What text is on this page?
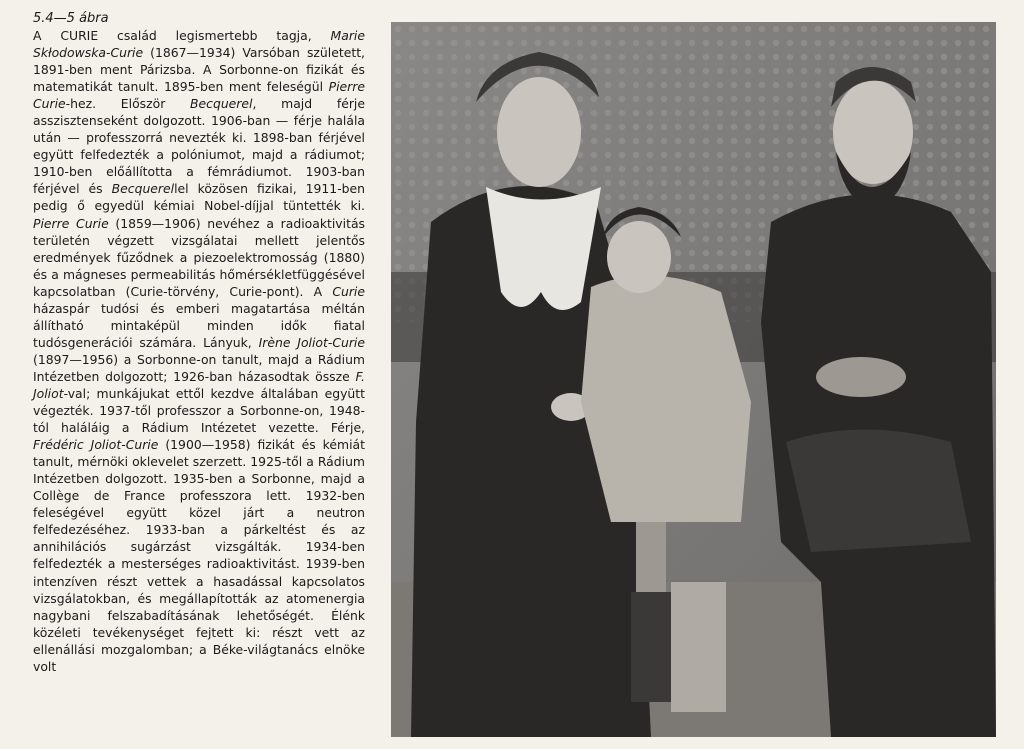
5.4—5 ábra

A CURIE család legismertebb tagja, Marie Skłodowska-Curie (1867—1934) Varsóban született, 1891-ben ment Párizsba. A Sorbonne-on fizikát és matematikát tanult. 1895-ben ment feleségül Pierre Curie-hez. Először Becquerel, majd férje asszisztenseként dolgozott. 1906-ban — férje halála után — professzorrá nevezték ki. 1898-ban férjével együtt felfedezték a polóniumot, majd a rádiumot; 1910-ben előállította a fémrádiumot. 1903-ban férjével és Becquerellel közösen fizikai, 1911-ben pedig ő egyedül kémiai Nobel-díjjal tüntették ki. Pierre Curie (1859—1906) nevéhez a radioaktivitás területén végzett vizsgálatai mellett jelentős eredmények fűződnek a piezoelektromosság (1880) és a mágneses permeabilitás hőmérsékletfüggésével kapcsolatban (Curie-törvény, Curie-pont). A Curie házaspár tudósi és emberi magatartása méltán állítható mintaképül minden idők fiatal tudósgenerációi számára. Lányuk, Irène Joliot-Curie (1897—1956) a Sorbonne-on tanult, majd a Rádium Intézetben dolgozott; 1926-ban házasodtak össze F. Joliot-val; munkájukat ettől kezdve általában együtt végezték. 1937-től professzor a Sorbonne-on, 1948-tól haláláig a Rádium Intézetet vezette. Férje, Frédéric Joliot-Curie (1900—1958) fizikát és kémiát tanult, mérnöki oklevelet szerzett. 1925-től a Rádium Intézetben dolgozott. 1935-ben a Sorbonne, majd a Collège de France professzora lett. 1932-ben feleségével együtt közel járt a neutron felfedezéséhez. 1933-ban a párkeltést és az annihilációs sugárzást vizsgálták. 1934-ben felfedezték a mesterséges radioaktivitást. 1939-ben intenzíven részt vettek a hasadással kapcsolatos vizsgálatokban, és megállapították az atomenergia nagybani felszabadításának lehetőségét. Élénk közéleti tevékenységet fejtett ki: részt vett az ellenállási mozgalomban; a Béke-világtanács elnöke volt
